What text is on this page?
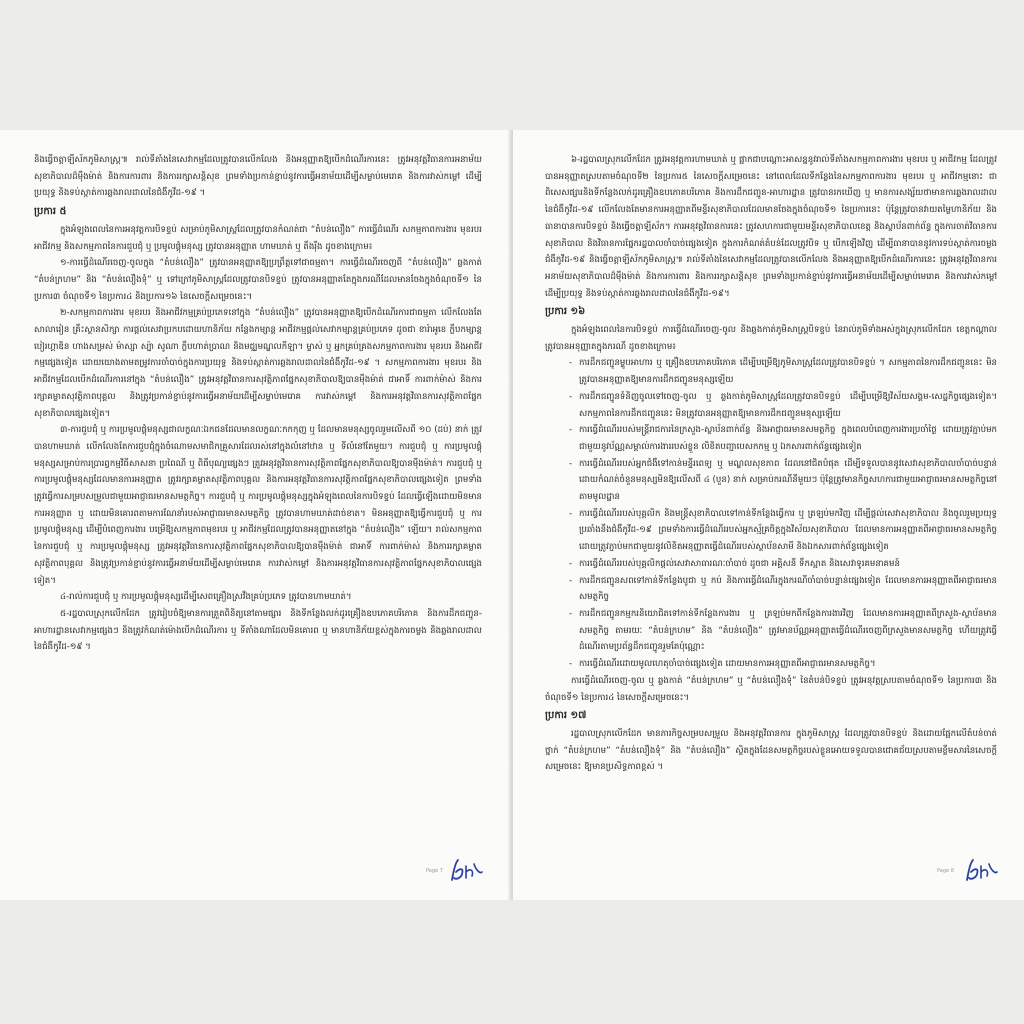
និងធ្វើចត្តាឡីស័កភូមិសាស្រ្ត៕ រាល់ទីតាំងនៃសេវាកម្មដែលត្រូវបានលើកលែង និងអនុញ្ញាតឱ្យបើកដំណើរការនេះ ត្រូវអនុវត្តវិធានការអនាម័យសុខាភិបាលដ៏ម៉ឺងម៉ាត់ និងការការពារ និងការរក្សាសន្តិសុខ ព្រមទាំងប្រកាន់ខ្ជាប់នូវការធ្វើអនាម័យដើម្បីសម្លាប់មេរោគ និងការវាស់កម្ដៅ ដើម្បីប្រយុទ្ធ និងទប់ស្កាត់ការឆ្លងរាលដាលនៃជំងឺកូវីដ-១៩ ។

ប្រការ ៥

ក្នុងអំឡុងពេលនៃការអនុវត្តការបិទខ្ទប់ សម្រាប់ភូមិសាស្ត្រដែលត្រូវបានកំណត់ជា “តំបន់លឿង” ការធ្វើដំណើរ សកម្មភាពការងារ មុខរបរ អាជីវកម្ម និងសកម្មភាពនៃការជួបជុំ ឬ ប្រមូលផ្តុំមនុស្ស ត្រូវបានអនុញ្ញាត ហាមឃាត់ ឬ តឹងរ៉ឹង ដូចខាងក្រោម៖

១-ការធ្វើដំណើរចេញ-ចូលក្នុង “តំបន់លឿង” ត្រូវបានអនុញ្ញាតឱ្យប្រព្រឹត្តទៅជាធម្មតា។ ការធ្វើដំណើរចេញពី “តំបន់លឿង” ឆ្លងកាត់ “តំបន់ក្រហម” និង “តំបន់លឿងទុំ” ឬ ទៅក្រៅភូមិសាស្ត្រដែលត្រូវបានបិទខ្ទប់ ត្រូវបានអនុញ្ញាតតែក្នុងករណីដែលមានចែងក្នុងចំណុចទី១ នៃប្រការ៣ ចំណុចទី១ នៃប្រការ៤ និងប្រការ១៦ នៃសេចក្តីសម្រេចនេះ។

២-សកម្មភាពការងារ មុខរបរ និងអាជីវកម្មគ្រប់ប្រភេទនៅក្នុង “តំបន់លឿង” ត្រូវបានអនុញ្ញាតឱ្យបើកដំណើរការជាធម្មតា លើកលែងតែសាលារៀន គ្រឹះស្ថានសិក្សា ការផ្តល់សេវាប្រកបដោយហានិភ័យ កន្លែងកម្សាន្ត អាជីវកម្មផ្តល់សេវាកម្សាន្តគ្រប់ប្រភេទ ដូចជា ខារ៉ាអូខេ ក្លឹបកម្សាន្ត បៀរហ្គាឌិន ហាងសម្រស់ ម៉ាស្សា ស្ប៉ា សូណា ក្លឹបហាត់ប្រាណ និងមជ្ឈមណ្ឌលកីឡា។ ម្ចាស់ ឬ អ្នកគ្រប់គ្រងសកម្មភាពការងារ មុខរបរ និងអាជីវកម្មផ្សេងទៀត ដោយយោងតាមតម្រូវការចាំបាច់ក្នុងការប្រយុទ្ធ និងទប់ស្កាត់ការឆ្លងរាលដាលនៃជំងឺកូវីដ-១៩ ។ សកម្មភាពការងារ មុខរបរ និងអាជីវកម្មដែលបើកដំណើរការនៅក្នុង “តំបន់លឿង” ត្រូវអនុវត្តវិធានការសុវត្ថិភាពផ្នែកសុខាភិបាលឱ្យបានម៉ឺងម៉ាត់ ជាអាទិ៍ ការពាក់ម៉ាស់ និងការរក្សាគម្លាតសុវត្ថិភាពបុគ្គល និងត្រូវប្រកាន់ខ្ជាប់នូវការធ្វើអនាម័យដើម្បីសម្លាប់មេរោគ ការវាស់កម្ដៅ និងការអនុវត្តវិធានការសុវត្ថិភាពផ្នែកសុខាភិបាលផ្សេងទៀត។

៣-ការជួបជុំ ឬ ការប្រមូលផ្តុំមនុស្សជាលក្ខណៈឯកជនដែលមានលក្ខណៈកកកុញ ឬ ដែលមានមនុស្សចូលរួមលើសពី ១០ (ដប់) នាក់ ត្រូវបានហាមឃាត់ លើកលែងតែការជួបជុំក្នុងចំណោមសមាជិកគ្រួសារដែលរស់នៅក្នុងលំនៅឋាន ឬ ទីលំនៅតែមួយ។ ការជួបជុំ ឬ ការប្រមូលផ្តុំមនុស្សសម្រាប់ការប្រារព្ធកម្មវិធីសាសនា ប្រពៃណី ឬ ពិធីបុណ្យផ្សេងៗ ត្រូវអនុវត្តវិធានការសុវត្ថិភាពផ្នែកសុខាភិបាលឱ្យបានម៉ឺងម៉ាត់។ ការជួបជុំ ឬ ការប្រមូលផ្តុំមនុស្សដែលមានការអនុញ្ញាត ត្រូវរក្សាគម្លាតសុវត្ថិភាពបុគ្គល និងការអនុវត្តវិធានការសុវត្ថិភាពផ្នែកសុខាភិបាលផ្សេងទៀត ព្រមទាំងត្រូវធ្វើការសម្របសម្រួលជាមួយអាជ្ញាធរមានសមត្ថកិច្ច។ ការជួបជុំ ឬ ការប្រមូលផ្តុំមនុស្សក្នុងអំឡុងពេលនៃការបិទខ្ទប់ ដែលធ្វើឡើងដោយមិនមានការអនុញ្ញាត ឬ ដោយមិនគោរពតាមការណែនាំរបស់អាជ្ញាធរមានសមត្ថកិច្ច ត្រូវបានហាមឃាត់ដាច់ខាត។ មិនអនុញ្ញាតឱ្យធ្វើការជួបជុំ ឬ ការប្រមូលផ្តុំមនុស្ស ដើម្បីបំពេញការងារ បម្រើឱ្យសកម្មភាពមុខរបរ ឬ អាជីវកម្មដែលត្រូវបានអនុញ្ញាតនៅក្នុង “តំបន់លឿង” ឡើយ។ រាល់សកម្មភាពនៃការជួបជុំ ឬ ការប្រមូលផ្តុំមនុស្ស ត្រូវអនុវត្តវិធានការសុវត្ថិភាពផ្នែកសុខាភិបាលឱ្យបានម៉ឺងម៉ាត់ ជាអាទិ៍ ការពាក់ម៉ាស់ និងការរក្សាគម្លាតសុវត្ថិភាពបុគ្គល និងត្រូវប្រកាន់ខ្ជាប់នូវការធ្វើអនាម័យដើម្បីសម្លាប់មេរោគ ការវាស់កម្ដៅ និងការអនុវត្តវិធានការសុវត្ថិភាពផ្នែកសុខាភិបាលផ្សេងទៀត។

៤-រាល់ការជួបជុំ ឬ ការប្រមូលផ្តុំមនុស្សដើម្បីសេពគ្រឿងស្រវឹងគ្រប់ប្រភេទ ត្រូវបានហាមឃាត់។

៥-រដ្ឋបាលស្រុកលើកដែក ត្រូវរៀបចំឱ្យមានការត្រួតពិនិត្យនៅតាមផ្សារ និងទីកន្លែងលក់ដូរគ្រឿងឧបភោគបរិភោគ និងការដឹកជញ្ជូន-អាហារដ្ឋានសេវាកម្មផ្សេងៗ និងត្រូវកំណត់ម៉ោងបើកដំណើរការ ឬ ទីតាំងណាដែលមិនគោរព ឬ មានហានិភ័យខ្ពស់ក្នុងការចម្លង និងឆ្លងរាលដាលនៃជំងឺកូវីដ-១៩ ។

Page 7

៦-រដ្ឋបាលស្រុកលើកដែក ត្រូវអនុវត្តការហាមឃាត់ ឬ ផ្អាកជាបណ្ដោះអាសន្ននូវរាល់ទីតាំងសកម្មភាពការងារ មុខរបរ ឬ អាជីវកម្ម ដែលត្រូវបានអនុញ្ញាតស្របតាមចំណុចទី២ នៃប្រការ៥ នៃសេចក្តីសម្រេចនេះ នៅពេលដែលទីកន្លែងនៃសកម្មភាពការងារ មុខរបរ ឬ អាជីវកម្មនោះ ជាពិសេសផ្សារនិងទីកន្លែងលក់ដូរគ្រឿងឧបភោគបរិភោគ និងការដឹកជញ្ជូន-អាហារដ្ឋាន ត្រូវបានរកឃើញ ឬ មានការសង្ស័យថាមានការឆ្លងរាលដាលនៃជំងឺកូវីដ-១៩ លើកលែងតែមានការអនុញ្ញាតពីមន្ទីរសុខាភិបាលដែលមានចែងក្នុងចំណុចទី១ នៃប្រការនេះ ប៉ុន្តែត្រូវបានវាយតម្លៃហានិភ័យ និងធានាបានការបិទខ្ទប់ និងធ្វើចត្តាឡីស័ក។ ការអនុវត្តវិធានការនេះ ត្រូវសហការជាមួយមន្ទីរសុខាភិបាលខេត្ត និងស្ថាប័នពាក់ព័ន្ធ ក្នុងការចាត់វិធានការសុខាភិបាល និងវិធានការផ្នែករដ្ឋបាលចាំបាច់ផ្សេងទៀត ក្នុងការកំណត់តំបន់ដែលត្រូវបិទ ឬ បើកឡើងវិញ ដើម្បីធានាបាននូវការទប់ស្កាត់ការចម្លងជំងឺកូវីដ-១៩ និងធ្វើចត្តាឡីស័កភូមិសាស្រ្ត៕ រាល់ទីតាំងនៃសេវាកម្មដែលត្រូវបានលើកលែង និងអនុញ្ញាតឱ្យបើកដំណើរការនេះ ត្រូវអនុវត្តវិធានការអនាម័យសុខាភិបាលដ៏ម៉ឺងម៉ាត់ និងការការពារ និងការរក្សាសន្តិសុខ ព្រមទាំងប្រកាន់ខ្ជាប់នូវការធ្វើអនាម័យដើម្បីសម្លាប់មេរោគ និងការវាស់កម្ដៅ ដើម្បីប្រយុទ្ធ និងទប់ស្កាត់ការឆ្លងរាលដាលនៃជំងឺកូវីដ-១៩។

ប្រការ ១៦

ក្នុងអំឡុងពេលនៃការបិទខ្ទប់ ការធ្វើដំណើរចេញ-ចូល និងឆ្លងកាត់ភូមិសាស្ត្របិទខ្ទប់ នៃរាល់ភូមិទាំងអស់ក្នុងស្រុកលើកដែក ខេត្តកណ្តាល ត្រូវបានអនុញ្ញាតក្នុងករណី ដូចខាងក្រោម៖

- ការដឹកជញ្ជូនម្ហូបអាហារ ឬ គ្រឿងឧបភោគបរិភោគ ដើម្បីបម្រើឱ្យភូមិសាស្ត្រដែលត្រូវបានបិទខ្ទប់ ។ សកម្មភាពនៃការដឹកជញ្ជូននេះ មិនត្រូវបានអនុញ្ញាតឱ្យមានការដឹកជញ្ជូនមនុស្សឡើយ
- ការដឹកជញ្ជូនទំនិញចូលទៅចេញ-ចូល ឬ ឆ្លងកាត់ភូមិសាស្ត្រដែលត្រូវបានបិទខ្ទប់ ដើម្បីបម្រើឱ្យវិស័យសង្គម-សេដ្ឋកិច្ចផ្សេងទៀត។ សកម្មភាពនៃការដឹកជញ្ជូននេះ មិនត្រូវបានអនុញ្ញាតឱ្យមានការដឹកជញ្ជូនមនុស្សឡើយ
- ការធ្វើដំណើររបស់មន្ត្រីរាជការនៃក្រសួង-ស្ថាប័នពាក់ព័ន្ធ និងអាជ្ញាធរមានសមត្ថកិច្ច ក្នុងពេលបំពេញការងារប្រចាំថ្ងៃ ដោយត្រូវភ្ជាប់មកជាមួយនូវប័ណ្ណសម្គាល់ការងាររបស់ខ្លួន លិខិតបញ្ជាបេសកកម្ម ឬ ឯកសារពាក់ព័ន្ធផ្សេងទៀត
- ការធ្វើដំណើររបស់អ្នកជំងឺទៅកាន់មន្ទីរពេទ្យ ឬ មណ្ឌលសុខភាព ដែលនៅជិតបំផុត ដើម្បីទទួលបាននូវសេវាសុខាភិបាលចាំបាច់បន្ទាន់ ដោយកំណត់ចំនួនមនុស្សមិនឱ្យលើសពី ៤ (បួន) នាក់ សម្រាប់ករណីនីមួយៗ ប៉ុន្តែត្រូវមានកិច្ចសហការជាមួយអាជ្ញាធរមានសមត្ថកិច្ចនៅតាមមូលដ្ឋាន
- ការធ្វើដំណើររបស់បុគ្គលិក និងមន្ត្រីសុខាភិបាលទៅកាន់ទីកន្លែងធ្វើការ ឬ ត្រឡប់មកវិញ ដើម្បីផ្តល់សេវាសុខាភិបាល និងចូលរួមប្រយុទ្ធប្រឆាំងនឹងជំងឺកូវីដ-១៩ ព្រមទាំងការធ្វើដំណើររបស់អ្នកស្ម័គ្រចិត្តក្នុងវិស័យសុខាភិបាល ដែលមានការអនុញ្ញាតពីអាជ្ញាធរមានសមត្ថកិច្ច ដោយត្រូវភ្ជាប់មកជាមួយនូវលិខិតអនុញ្ញាតធ្វើដំណើររបស់ស្ថាប័នសាមី និងឯកសារពាក់ព័ន្ធផ្សេងទៀត
- ការធ្វើដំណើររបស់បុគ្គលិកផ្តល់សេវាសាធារណៈចាំបាច់ ដូចជា អគ្គិសនី ទឹកស្អាត និងសេវាទូរគមនាគមន៍
- ការដឹកជញ្ជូនសពទៅកាន់ទីកន្លែងបូជា ឬ កប់ និងការធ្វើដំណើរក្នុងករណីចាំបាច់បន្ទាន់ផ្សេងទៀត ដែលមានការអនុញ្ញាតពីអាជ្ញាធរមានសមត្ថកិច្ច
- ការដឹកជញ្ជូនកម្មករនិយោជិតទៅកាន់ទីកន្លែងការងារ ឬ ត្រឡប់មកពីកន្លែងការងារវិញ ដែលមានការអនុញ្ញាតពីក្រសួង-ស្ថាប័នមានសមត្ថកិច្ច តាមរយៈ “តំបន់ក្រហម” និង “តំបន់លឿង” ត្រូវមានប័ណ្ណអនុញ្ញាតធ្វើដំណើរចេញពីក្រសួងមានសមត្ថកិច្ច ហើយត្រូវធ្វើដំណើរតាមប្រព័ន្ធដឹកជញ្ជូនរួមតែប៉ុណ្ណោះ
- ការធ្វើដំណើរដោយមូលហេតុចាំបាច់ផ្សេងទៀត ដោយមានការអនុញ្ញាតពីអាជ្ញាធរមានសមត្ថកិច្ច។

ការធ្វើដំណើរចេញ-ចូល ឬ ឆ្លងកាត់ “តំបន់ក្រហម” ឬ “តំបន់លឿងទុំ” នៃតំបន់បិទខ្ទប់ ត្រូវអនុវត្តស្របតាមចំណុចទី១ នៃប្រការ៣ និងចំណុចទី១ នៃប្រការ៤ នៃសេចក្តីសម្រេចនេះ។

ប្រការ ១៧

រដ្ឋបាលស្រុកលើកដែក មានភារកិច្ចសម្របសម្រួល និងអនុវត្តវិធានការ ក្នុងភូមិសាស្ត្រ ដែលត្រូវបានបិទខ្ទប់ និងដោយផ្អែកលើតំបន់ចាត់ថ្នាក់ “តំបន់ក្រហម” “តំបន់លឿងទុំ” និង “តំបន់លឿង” ស្ថិតក្នុងដែនសមត្ថកិច្ចរបស់ខ្លួនអោយទទួលបានជោគជ័យស្របតាមខ្លឹមសារនៃសេចក្តីសម្រេចនេះ ឱ្យមានប្រសិទ្ធភាពខ្ពស់ ។

Page 8
